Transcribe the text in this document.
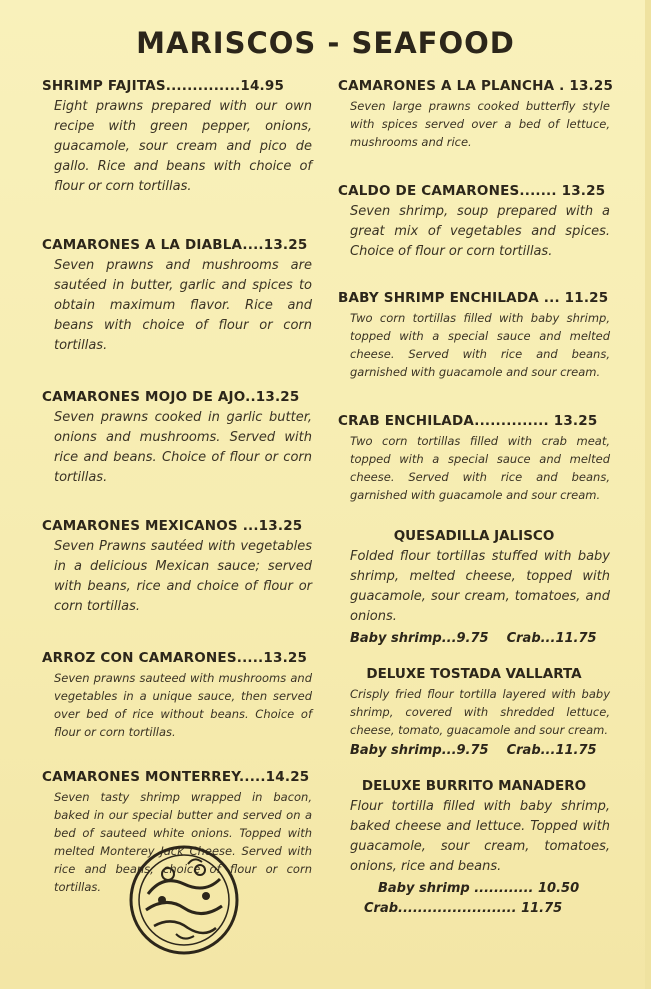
MARISCOS - SEAFOOD
SHRIMP FAJITAS..............14.95
Eight prawns prepared with our own recipe with green pepper, onions, guacamole, sour cream and pico de gallo. Rice and beans with choice of flour or corn tortillas.
CAMARONES A LA DIABLA....13.25
Seven prawns and mushrooms are sautéed in butter, garlic and spices to obtain maximum flavor. Rice and beans with choice of flour or corn tortillas.
CAMARONES MOJO DE AJO..13.25
Seven prawns cooked in garlic butter, onions and mushrooms. Served with rice and beans. Choice of flour or corn tortillas.
CAMARONES MEXICANOS ...13.25
Seven Prawns sautéed with vegetables in a delicious Mexican sauce; served with beans, rice and choice of flour or corn tortillas.
ARROZ CON CAMARONES.....13.25
Seven prawns sauteed with mushrooms and vegetables in a unique sauce, then served over bed of rice without beans. Choice of flour or corn tortillas.
CAMARONES MONTERREY.....14.25
Seven tasty shrimp wrapped in bacon, baked in our special butter and served on a bed of sauteed white onions. Topped with melted Monterey Jack Cheese. Served with rice and beans, choice of flour or corn tortillas.
CAMARONES A LA PLANCHA . 13.25
Seven large prawns cooked butterfly style with spices served over a bed of lettuce, mushrooms and rice.
CALDO DE CAMARONES....... 13.25
Seven shrimp, soup prepared with a great mix of vegetables and spices. Choice of flour or corn tortillas.
BABY SHRIMP ENCHILADA ... 11.25
Two corn tortillas filled with baby shrimp, topped with a special sauce and melted cheese. Served with rice and beans, garnished with guacamole and sour cream.
CRAB ENCHILADA.............. 13.25
Two corn tortillas filled with crab meat, topped with a special sauce and melted cheese. Served with rice and beans, garnished with guacamole and sour cream.
QUESADILLA JALISCO
Folded flour tortillas stuffed with baby shrimp, melted cheese, topped with guacamole, sour cream, tomatoes, and onions.
Baby shrimp...9.75 Crab...11.75
DELUXE TOSTADA VALLARTA
Crisply fried flour tortilla layered with baby shrimp, covered with shredded lettuce, cheese, tomato, guacamole and sour cream.
Baby shrimp...9.75 Crab...11.75
DELUXE BURRITO MANADERO
Flour tortilla filled with baby shrimp, baked cheese and lettuce. Topped with guacamole, sour cream, tomatoes, onions, rice and beans.
Baby shrimp ............ 10.50
Crab........................ 11.75
